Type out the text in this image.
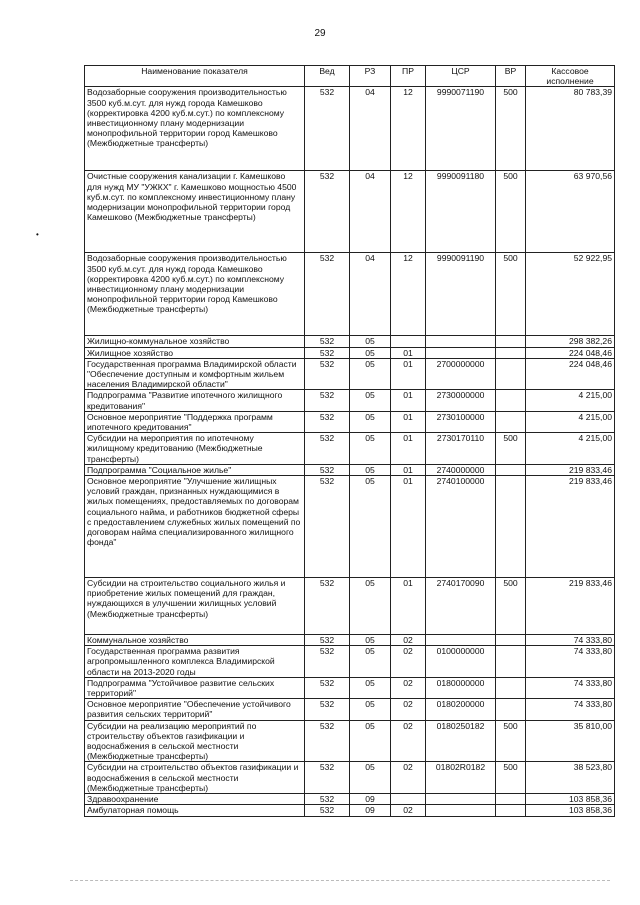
29
•
Наименование показателя	Вед	РЗ	ПР	ЦСР	ВР	Кассовое исполнение
Водозаборные сооружения производительностью 3500 куб.м.сут. для нужд города Камешково (корректировка 4200 куб.м.сут.) по комплексному инвестиционному плану модернизации монопрофильной территории город Камешково (Межбюджетные трансферты)	532	04	12	9990071190	500	80 783,39
Очистные сооружения канализации г. Камешково для нужд МУ "УЖКХ" г. Камешково мощностью 4500 куб.м.сут. по комплексному инвестиционному плану модернизации монопрофильной территории город Камешково (Межбюджетные трансферты)	532	04	12	9990091180	500	63 970,56
Водозаборные сооружения производительностью 3500 куб.м.сут. для нужд города Камешково (корректировка 4200 куб.м.сут.) по комплексному инвестиционному плану модернизации монопрофильной территории город Камешково (Межбюджетные трансферты)	532	04	12	9990091190	500	52 922,95
Жилищно-коммунальное хозяйство	532	05				298 382,26
Жилищное хозяйство	532	05	01			224 048,46
Государственная программа Владимирской области "Обеспечение доступным и комфортным жильем населения Владимирской области"	532	05	01	2700000000		224 048,46
Подпрограмма "Развитие ипотечного жилищного кредитования"	532	05	01	2730000000		4 215,00
Основное мероприятие "Поддержка программ ипотечного кредитования"	532	05	01	2730100000		4 215,00
Субсидии на мероприятия по ипотечному жилищному кредитованию (Межбюджетные трансферты)	532	05	01	2730170110	500	4 215,00
Подпрограмма "Социальное жилье"	532	05	01	2740000000		219 833,46
Основное мероприятие "Улучшение жилищных условий граждан, признанных нуждающимися в жилых помещениях, предоставляемых по договорам социального найма, и работников бюджетной сферы с предоставлением служебных жилых помещений по договорам найма специализированного жилищного фонда"	532	05	01	2740100000		219 833,46
Субсидии на строительство социального жилья и приобретение жилых помещений для граждан, нуждающихся в улучшении жилищных условий (Межбюджетные трансферты)	532	05	01	2740170090	500	219 833,46
Коммунальное хозяйство	532	05	02			74 333,80
Государственная программа развития агропромышленного комплекса Владимирской области на 2013-2020 годы	532	05	02	0100000000		74 333,80
Подпрограмма "Устойчивое развитие сельских территорий"	532	05	02	0180000000		74 333,80
Основное мероприятие "Обеспечение устойчивого развития сельских территорий"	532	05	02	0180200000		74 333,80
Субсидии на реализацию мероприятий по строительству объектов газификации и водоснабжения в сельской местности (Межбюджетные трансферты)	532	05	02	0180250182	500	35 810,00
Субсидии на строительство объектов газификации и водоснабжения в сельской местности (Межбюджетные трансферты)	532	05	02	01802R0182	500	38 523,80
Здравоохранение	532	09				103 858,36
Амбулаторная помощь	532	09	02			103 858,36
